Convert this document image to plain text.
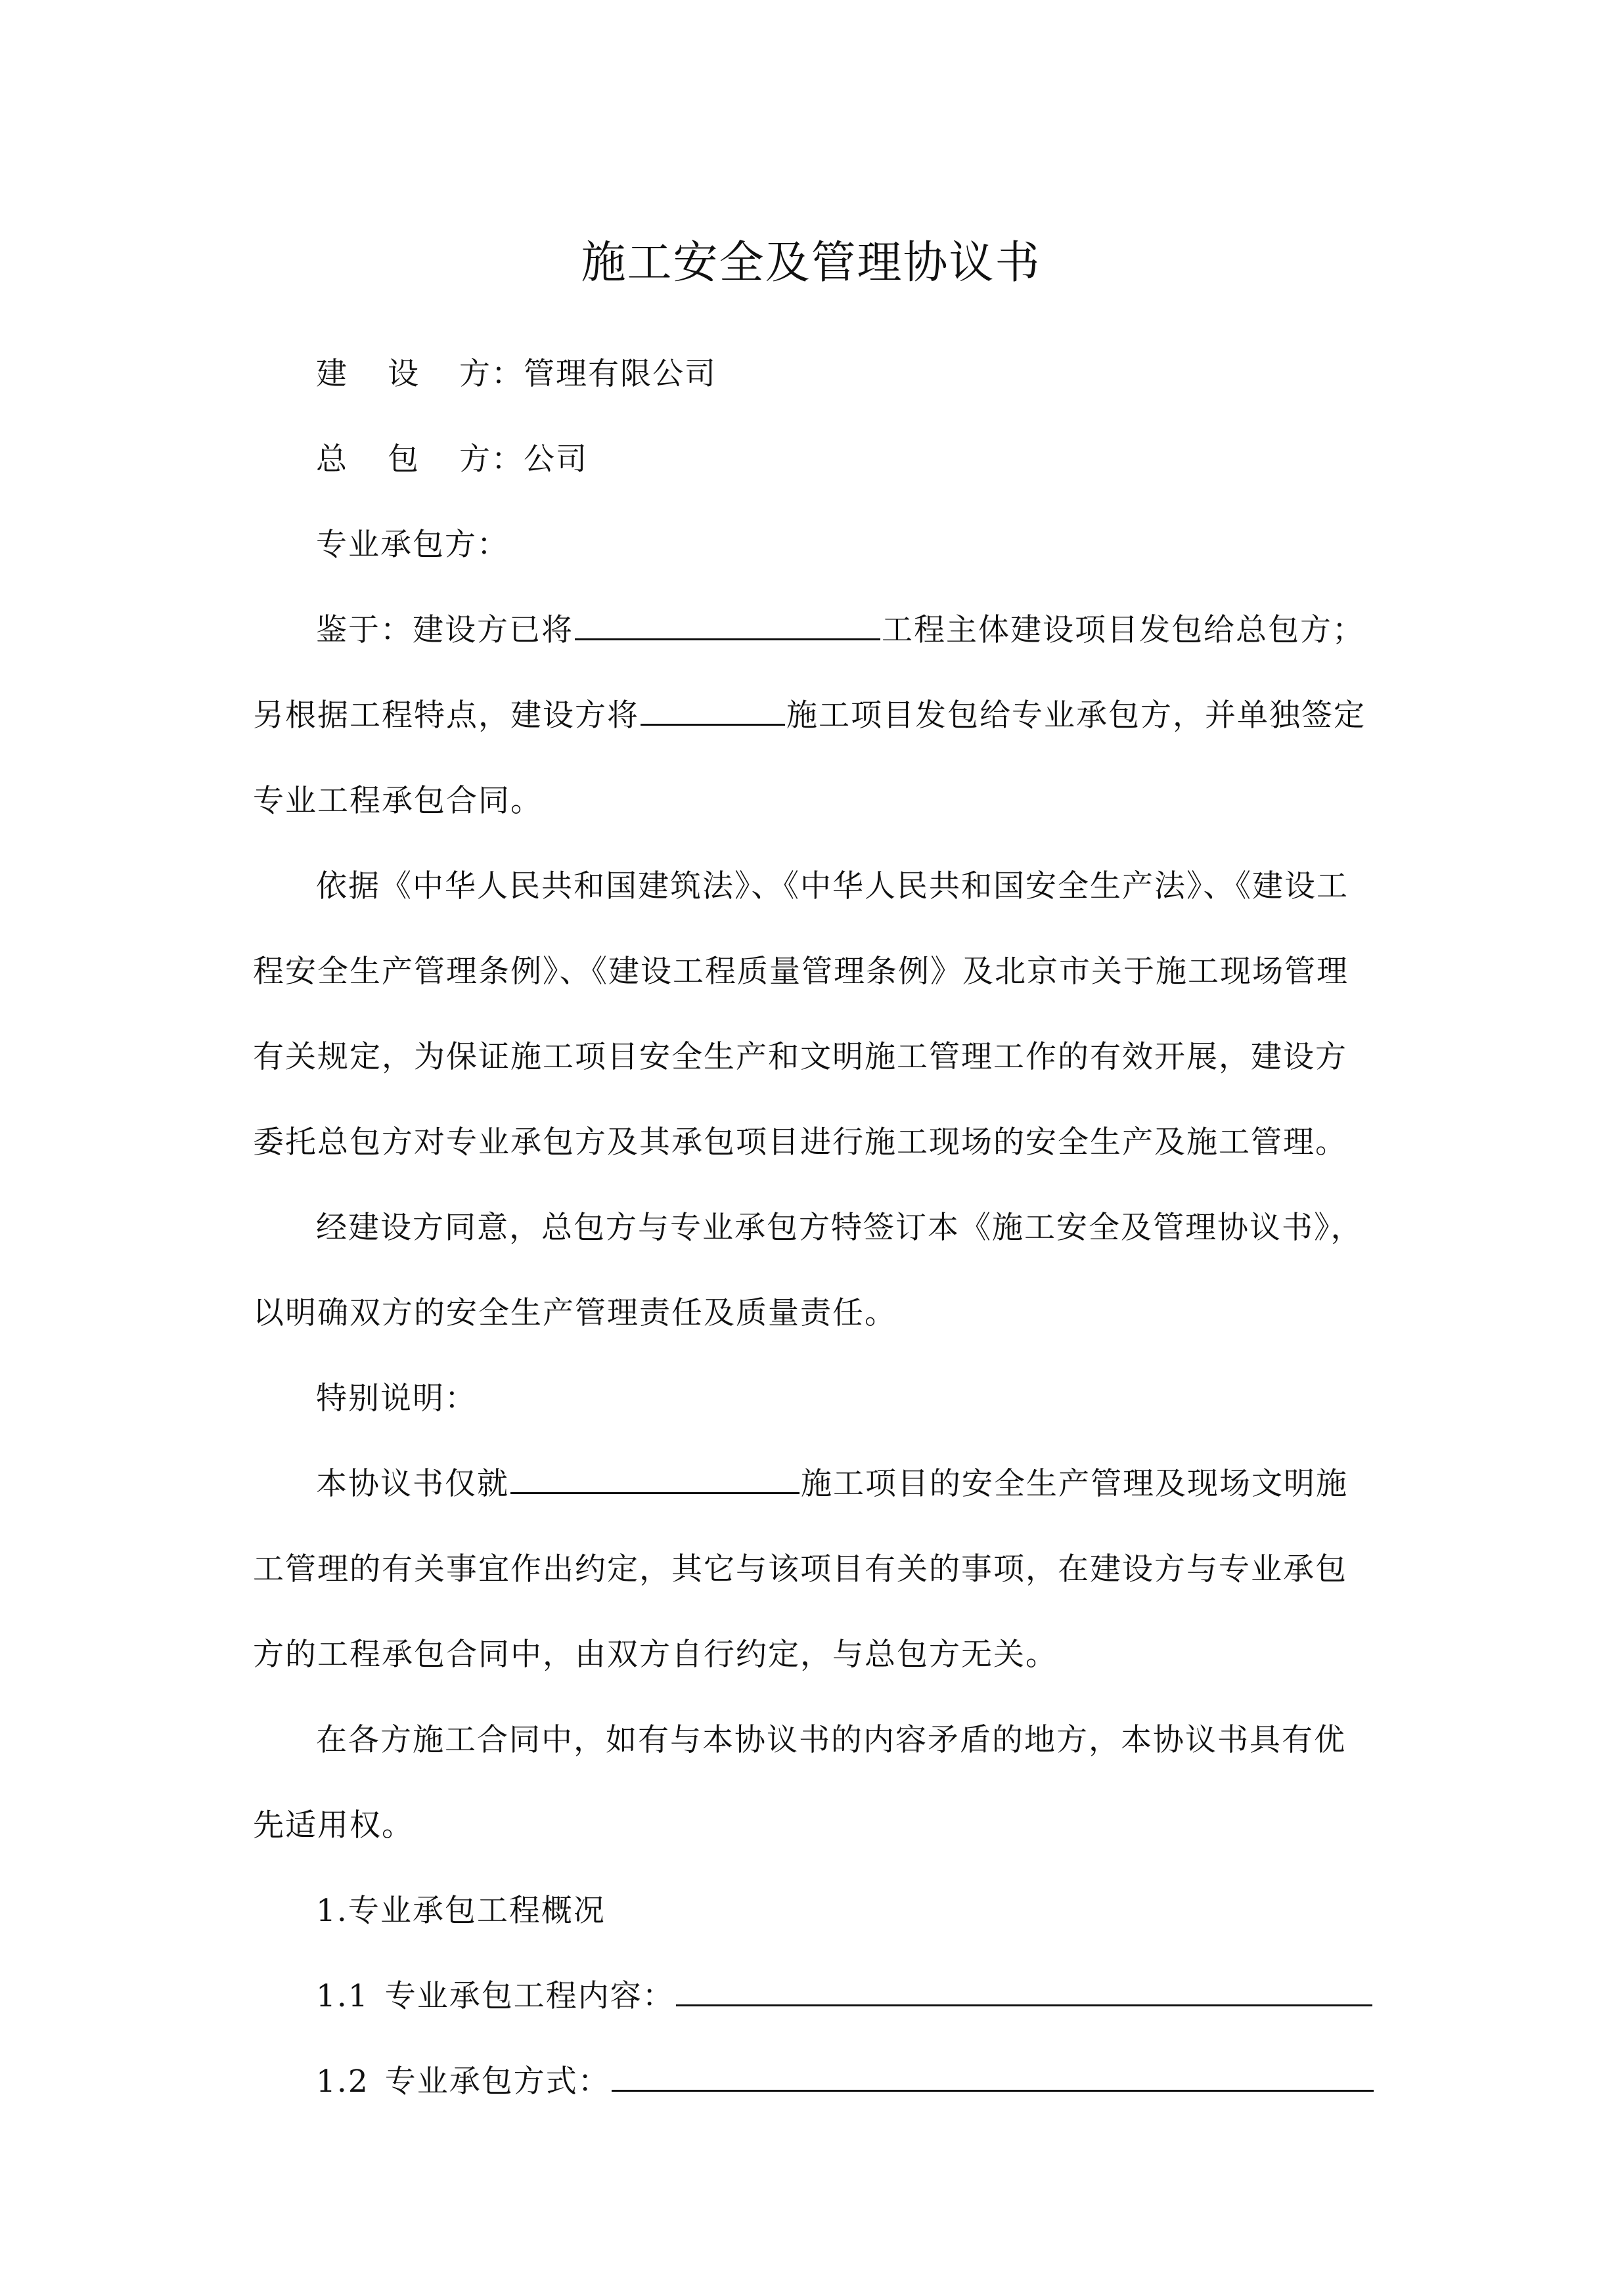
施工安全及管理协议书
建 设 方：管理有限公司
总 包 方：公司
专业承包方：
鉴于：建设方已将	工程主体建设项目发包给总包方；
另根据工程特点，建设方将	施工项目发包给专业承包方，并单独签定
专业工程承包合同。
依据《中华人民共和国建筑法》、《中华人民共和国安全生产法》、《建设工
程安全生产管理条例》、《建设工程质量管理条例》及北京市关于施工现场管理
有关规定，为保证施工项目安全生产和文明施工管理工作的有效开展，建设方
委托总包方对专业承包方及其承包项目进行施工现场的安全生产及施工管理。
经建设方同意，总包方与专业承包方特签订本《施工安全及管理协议书》，
以明确双方的安全生产管理责任及质量责任。
特别说明：
本协议书仅就	施工项目的安全生产管理及现场文明施
工管理的有关事宜作出约定，其它与该项目有关的事项，在建设方与专业承包
方的工程承包合同中，由双方自行约定，与总包方无关。
在各方施工合同中，如有与本协议书的内容矛盾的地方，本协议书具有优
先适用权。
1.专业承包工程概况
1.1 专业承包工程内容：
1.2 专业承包方式：
